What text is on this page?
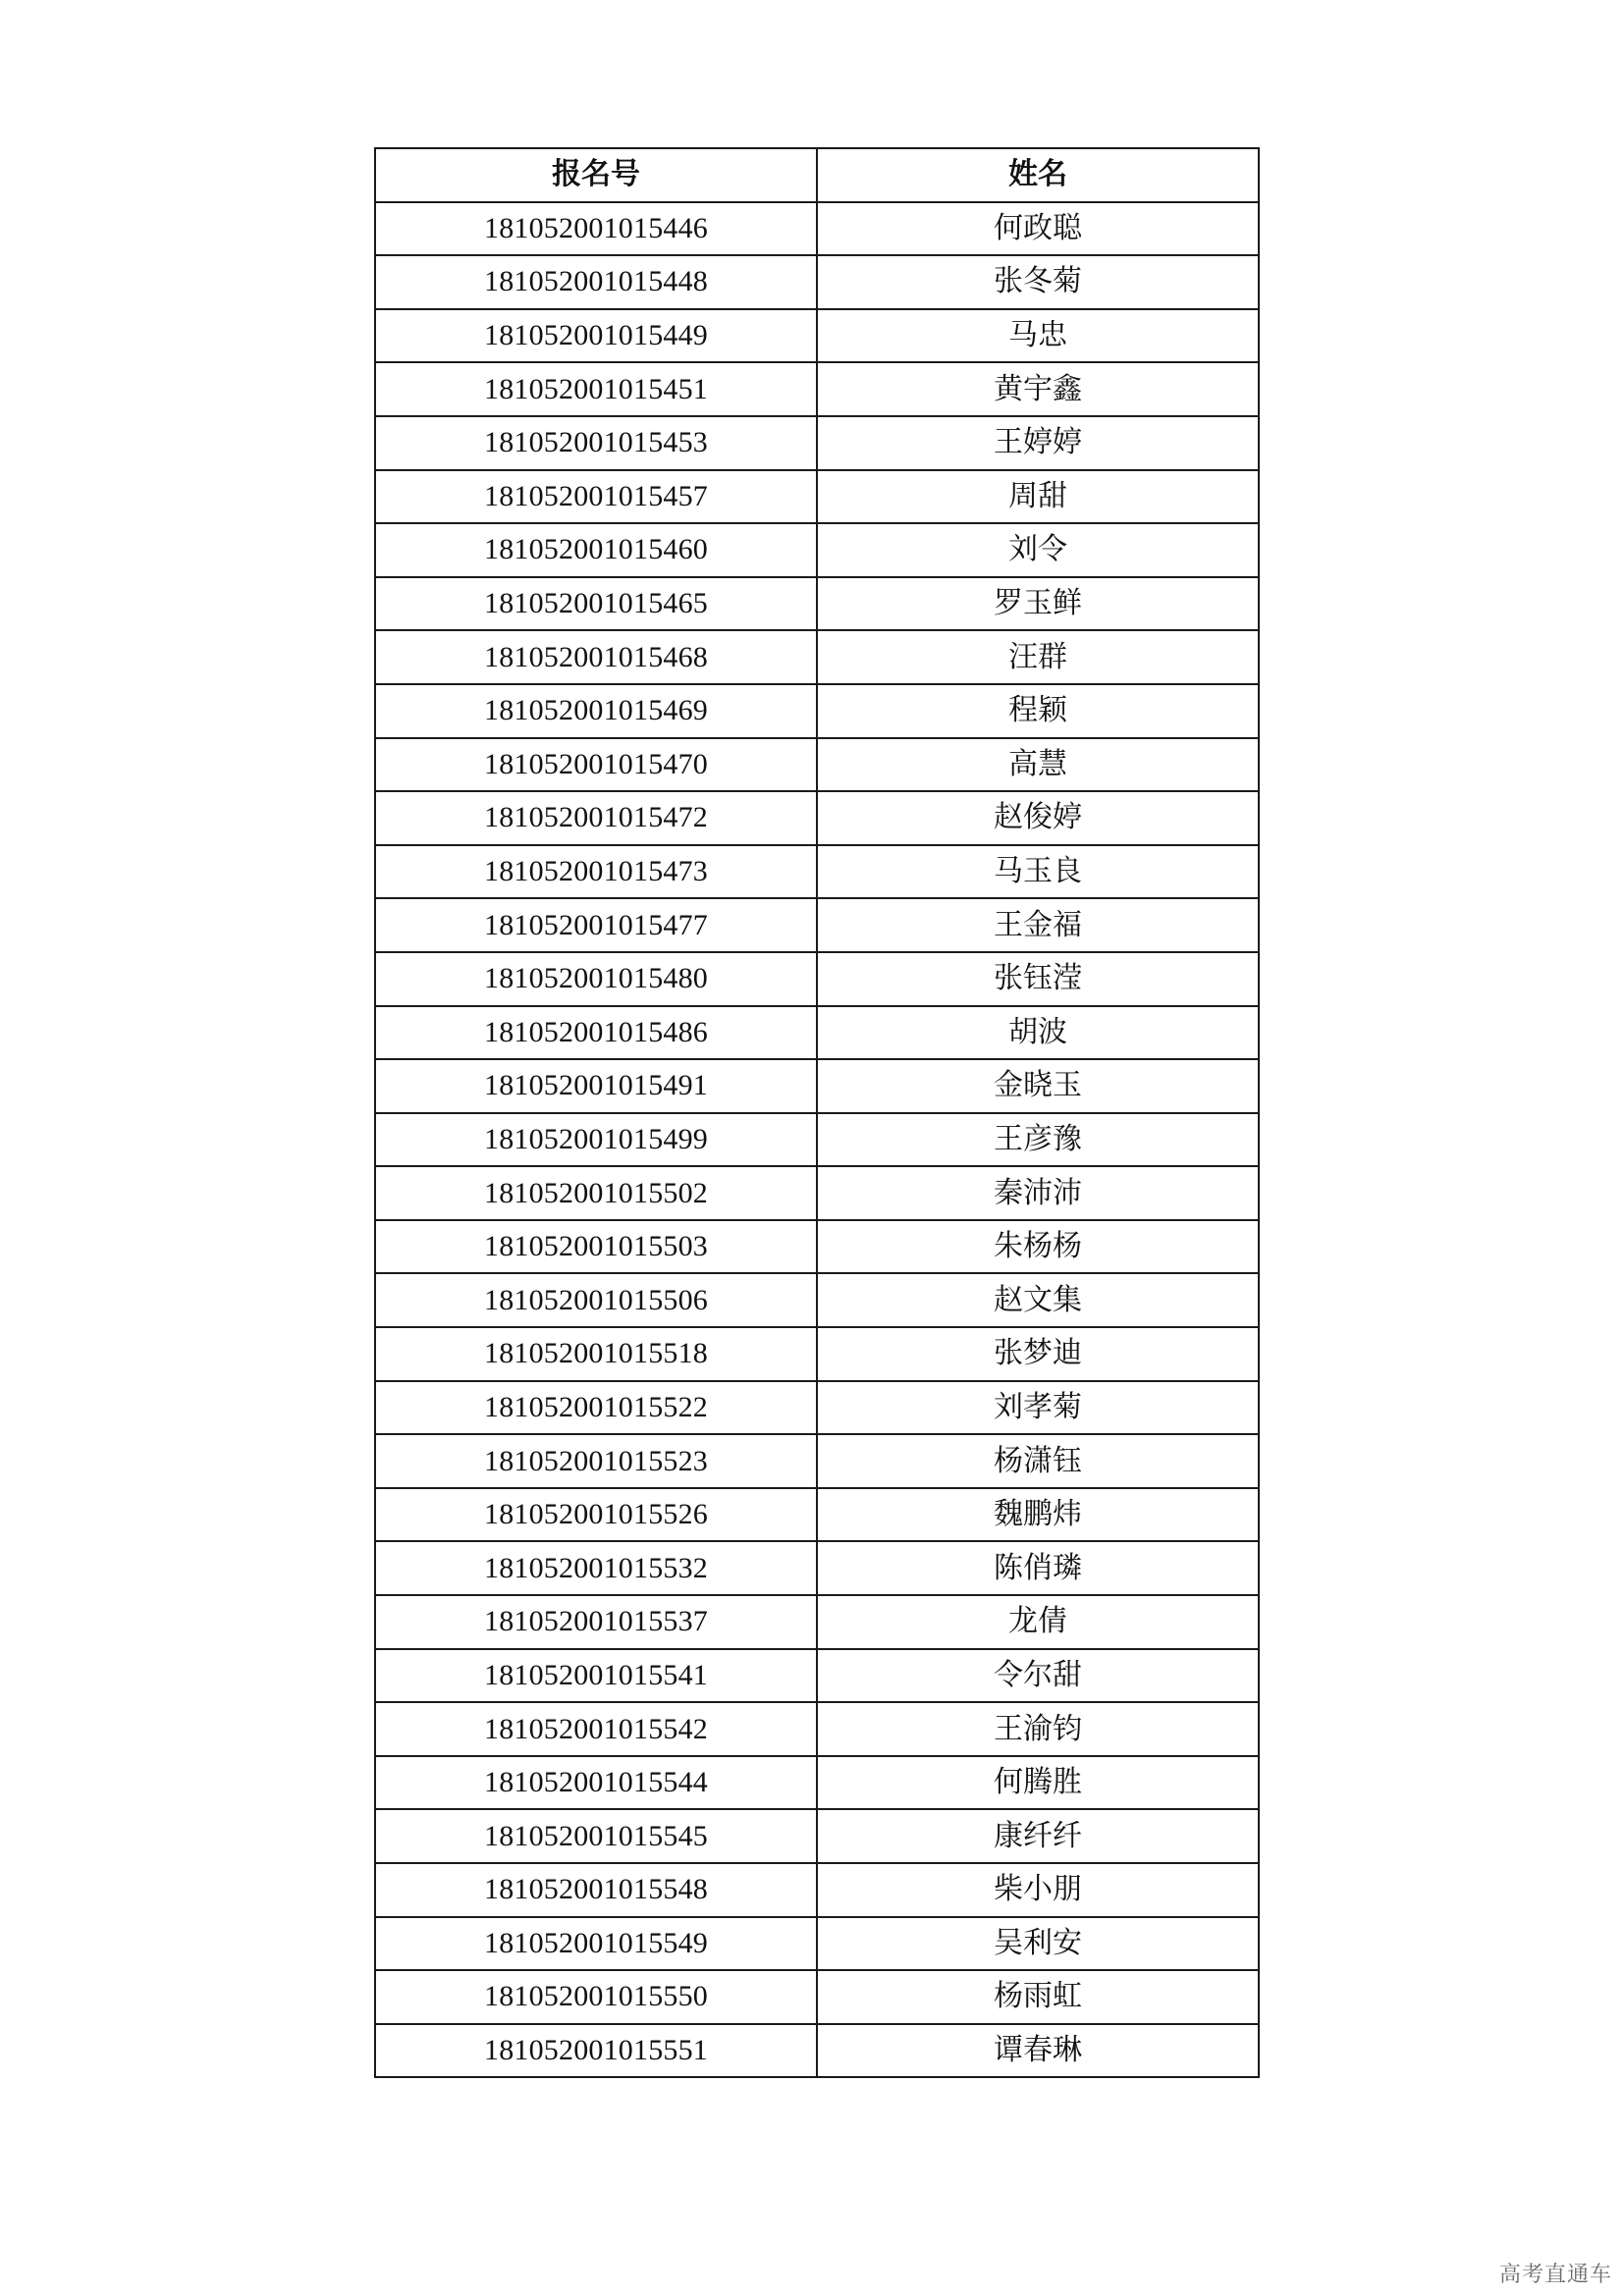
报名号	姓名
181052001015446	何政聪
181052001015448	张冬菊
181052001015449	马忠
181052001015451	黄宇鑫
181052001015453	王婷婷
181052001015457	周甜
181052001015460	刘令
181052001015465	罗玉鲜
181052001015468	汪群
181052001015469	程颖
181052001015470	高慧
181052001015472	赵俊婷
181052001015473	马玉良
181052001015477	王金福
181052001015480	张钰滢
181052001015486	胡波
181052001015491	金晓玉
181052001015499	王彦豫
181052001015502	秦沛沛
181052001015503	朱杨杨
181052001015506	赵文集
181052001015518	张梦迪
181052001015522	刘孝菊
181052001015523	杨潇钰
181052001015526	魏鹏炜
181052001015532	陈俏璘
181052001015537	龙倩
181052001015541	令尔甜
181052001015542	王渝钧
181052001015544	何腾胜
181052001015545	康纤纤
181052001015548	柴小朋
181052001015549	吴利安
181052001015550	杨雨虹
181052001015551	谭春琳
高考直通车
